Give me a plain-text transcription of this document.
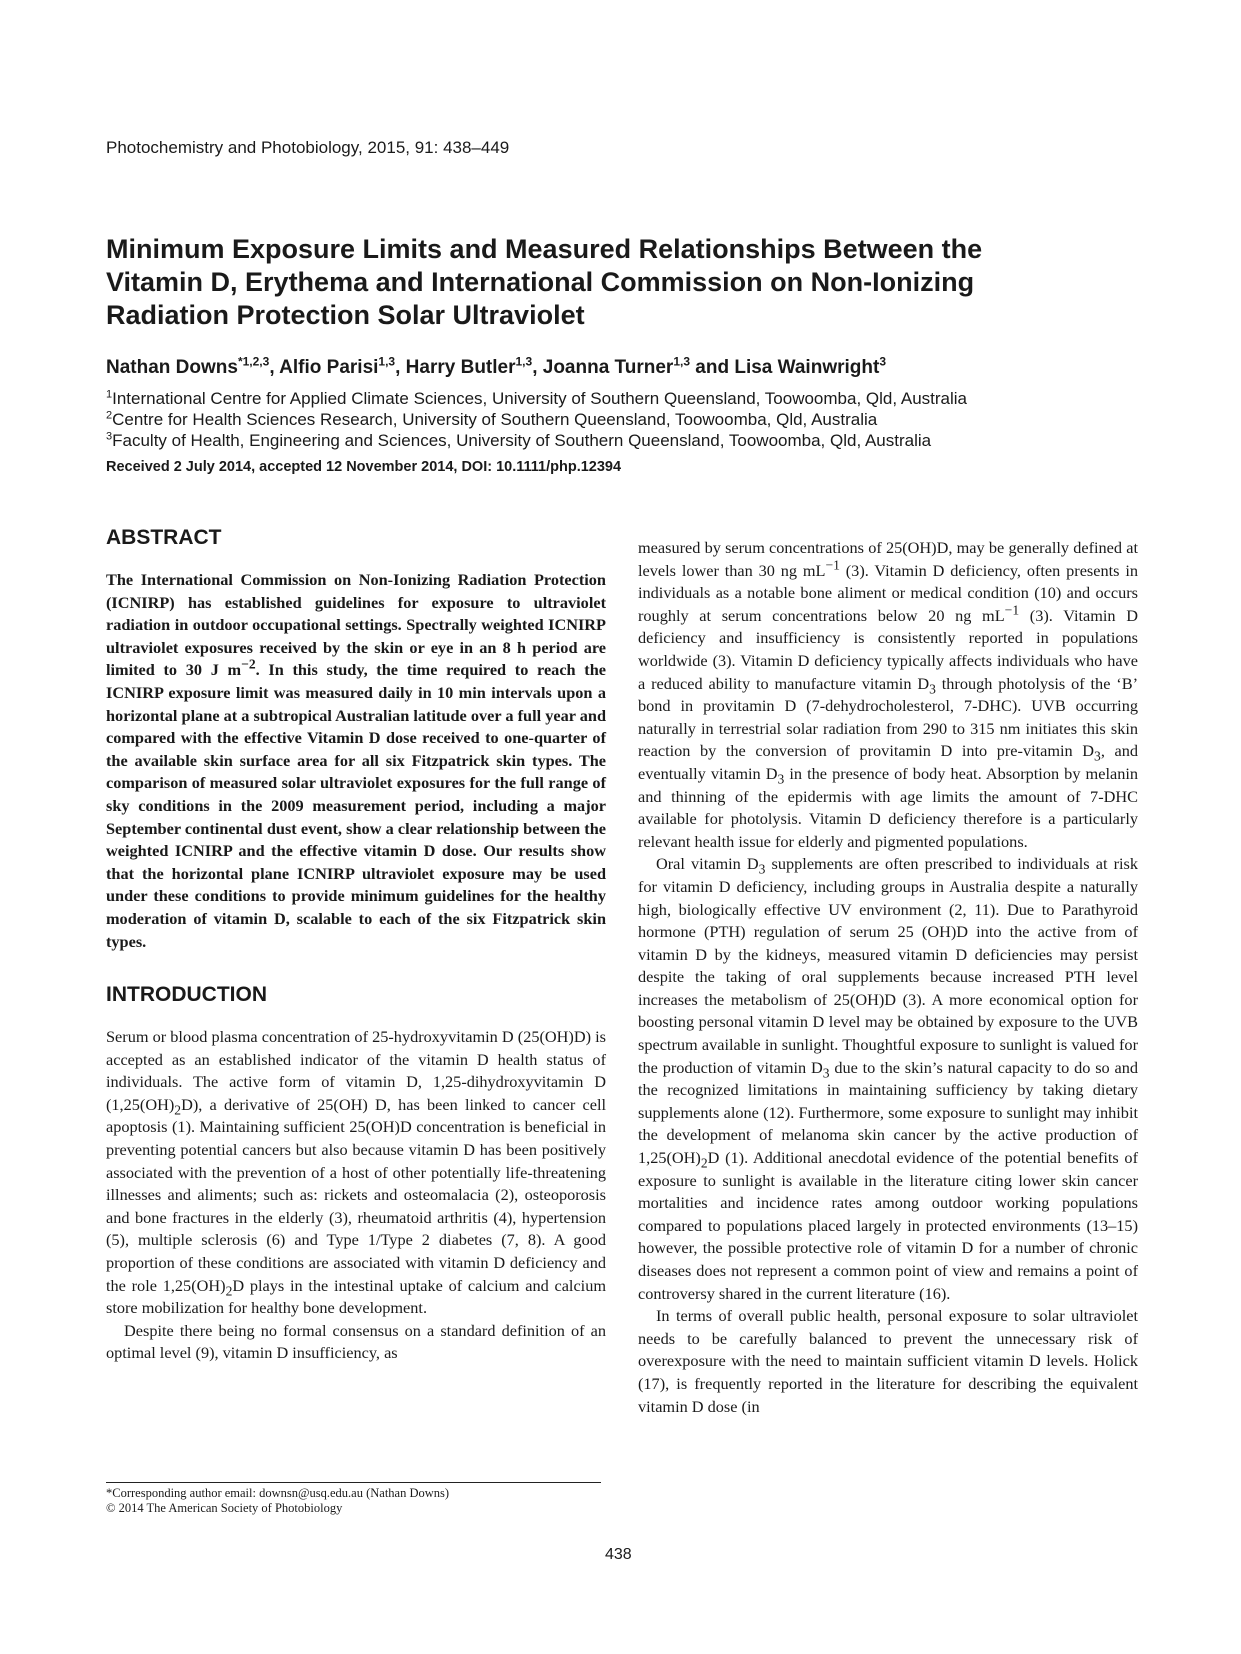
Photochemistry and Photobiology, 2015, 91: 438–449
Minimum Exposure Limits and Measured Relationships Between the
Vitamin D, Erythema and International Commission on Non-Ionizing
Radiation Protection Solar Ultraviolet
Nathan Downs$^{*1,2,3}$, Alfio Parisi$^{1,3}$, Harry Butler$^{1,3}$, Joanna Turner$^{1,3}$ and Lisa Wainwright$^3$
$^1$International Centre for Applied Climate Sciences, University of Southern Queensland, Toowoomba, Qld, Australia
$^2$Centre for Health Sciences Research, University of Southern Queensland, Toowoomba, Qld, Australia
$^3$Faculty of Health, Engineering and Sciences, University of Southern Queensland, Toowoomba, Qld, Australia
Received 2 July 2014, accepted 12 November 2014, DOI: 10.1111/php.12394
ABSTRACT

The International Commission on Non-Ionizing Radiation Protection (ICNIRP) has established guidelines for exposure to ultraviolet radiation in outdoor occupational settings. Spectrally weighted ICNIRP ultraviolet exposures received by the skin or eye in an 8 h period are limited to 30 J $m^{-2}$. In this study, the time required to reach the ICNIRP exposure limit was measured daily in 10 min intervals upon a horizontal plane at a subtropical Australian latitude over a full year and compared with the effective Vitamin D dose received to one-quarter of the available skin surface area for all six Fitzpatrick skin types. The comparison of measured solar ultraviolet exposures for the full range of sky conditions in the 2009 measurement period, including a major September continental dust event, show a clear relationship between the weighted ICNIRP and the effective vitamin D dose. Our results show that the horizontal plane ICNIRP ultraviolet exposure may be used under these conditions to provide minimum guidelines for the healthy moderation of vitamin D, scalable to each of the six Fitzpatrick skin types.

INTRODUCTION

Serum or blood plasma concentration of 25-hydroxyvitamin D (25(OH)D) is accepted as an established indicator of the vitamin D health status of individuals. The active form of vitamin D, 1,25-dihydroxyvitamin D $(1,25(OH)_2D)$, a derivative of 25(OH) D, has been linked to cancer cell apoptosis (1). Maintaining sufficient 25(OH)D concentration is beneficial in preventing potential cancers but also because vitamin D has been positively associated with the prevention of a host of other potentially life-threatening illnesses and aliments; such as: rickets and osteomalacia (2), osteoporosis and bone fractures in the elderly (3), rheumatoid arthritis (4), hypertension (5), multiple sclerosis (6) and Type 1/Type 2 diabetes (7, 8). A good proportion of these conditions are associated with vitamin D deficiency and the role $1,25(OH)_2D$ plays in the intestinal uptake of calcium and calcium store mobilization for healthy bone development.

Despite there being no formal consensus on a standard definition of an optimal level (9), vitamin D insufficiency, as

measured by serum concentrations of 25(OH)D, may be generally defined at levels lower than 30 ng $mL^{-1}$ (3). Vitamin D deficiency, often presents in individuals as a notable bone aliment or medical condition (10) and occurs roughly at serum concentrations below 20 ng $mL^{-1}$ (3). Vitamin D deficiency and insufficiency is consistently reported in populations worldwide (3). Vitamin D deficiency typically affects individuals who have a reduced ability to manufacture vitamin $D_3$ through photolysis of the ‘B’ bond in provitamin D (7-dehydrocholesterol, 7-DHC). UVB occurring naturally in terrestrial solar radiation from 290 to 315 nm initiates this skin reaction by the conversion of provitamin D into pre-vitamin $D_3$, and eventually vitamin $D_3$ in the presence of body heat. Absorption by melanin and thinning of the epidermis with age limits the amount of 7-DHC available for photolysis. Vitamin D deficiency therefore is a particularly relevant health issue for elderly and pigmented populations.

Oral vitamin $D_3$ supplements are often prescribed to individuals at risk for vitamin D deficiency, including groups in Australia despite a naturally high, biologically effective UV environment (2, 11). Due to Parathyroid hormone (PTH) regulation of serum 25 (OH)D into the active from of vitamin D by the kidneys, measured vitamin D deficiencies may persist despite the taking of oral supplements because increased PTH level increases the metabolism of 25(OH)D (3). A more economical option for boosting personal vitamin D level may be obtained by exposure to the UVB spectrum available in sunlight. Thoughtful exposure to sunlight is valued for the production of vitamin $D_3$ due to the skin’s natural capacity to do so and the recognized limitations in maintaining sufficiency by taking dietary supplements alone (12). Furthermore, some exposure to sunlight may inhibit the development of melanoma skin cancer by the active production of $1,25(OH)_2D$ (1). Additional anecdotal evidence of the potential benefits of exposure to sunlight is available in the literature citing lower skin cancer mortalities and incidence rates among outdoor working populations compared to populations placed largely in protected environments (13–15) however, the possible protective role of vitamin D for a number of chronic diseases does not represent a common point of view and remains a point of controversy shared in the current literature (16).

In terms of overall public health, personal exposure to solar ultraviolet needs to be carefully balanced to prevent the unnecessary risk of overexposure with the need to maintain sufficient vitamin D levels. Holick (17), is frequently reported in the literature for describing the equivalent vitamin D dose (in

*Corresponding author email: downsn@usq.edu.au (Nathan Downs)
© 2014 The American Society of Photobiology
438
